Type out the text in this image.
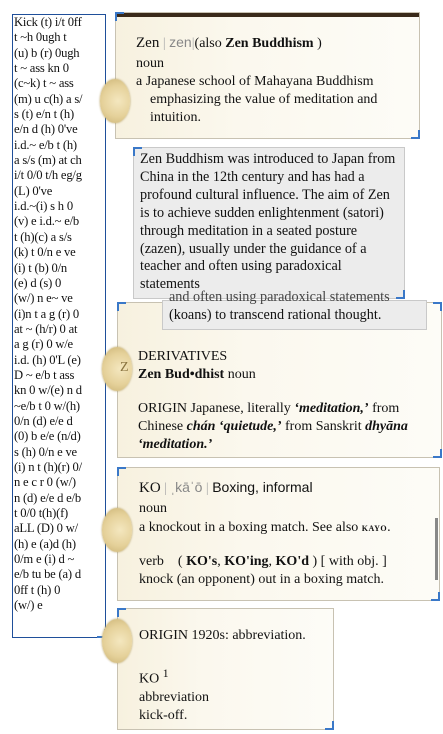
Kick (t) i/t 0ff
t ~h 0ugh t
(u) b (r) 0ugh
t ~ ass kn 0
(c~k) t ~ ass
(m) u c(h) a s/
s (t) e/n t (h)
e/n d (h) 0've
i.d.~ e/b t (h)
a s/s (m) at ch
i/t 0/0 t/h eg/g
(L) 0've
i.d.~(i) s h 0
(v) e i.d.~ e/b
t (h)(c) a s/s
(k) t 0/n e ve
(i) t (b) 0/n
(e) d (s) 0
(w/) n e~ ve
(i)n t a g (r) 0
at ~ (h/r) 0 at
a g (r) 0 w/e
i.d. (h) 0'L (e)
D ~ e/b t ass
kn 0 w/(e) n d
~e/b t 0 w/(h)
0/n (d) e/e d
(0) b e/e (n/d)
s (h) 0/n e ve
(i) n t (h)(r) 0/
n e c r 0 (w/)
n (d) e/e d e/b
t 0/0 t(h)(f)
aLL (D) 0 w/
(h) e (a)d (h)
0/m e (i) d ~
e/b tu be (a) d
0ff t (h) 0
(w/) e
Zen | zen|(also Zen Buddhism )
noun
a Japanese school of Mahayana Buddhism emphasizing the value of meditation and intuition.
Zen Buddhism was introduced to Japan from China in the 12th century and has had a profound cultural influence. The aim of Zen is to achieve sudden enlightenment (satori) through meditation in a seated posture (zazen), usually under the guidance of a teacher and often using paradoxical statements
and often using paradoxical statements
(koans) to transcend rational thought.
Z
DERIVATIVES
Zen Bud•dhist noun
ORIGIN Japanese, literally ‘meditation,’ from Chinese chán ‘quietude,’ from Sanskrit dhyāna ‘meditation.’
KO | ˌkāˈō | Boxing, informal
noun
a knockout in a boxing match. See also kayo.
verb ( KO's, KO'ing, KO'd ) [ with obj. ]
knock (an opponent) out in a boxing match.
ORIGIN 1920s: abbreviation.
KO $^1$
abbreviation
kick-off.
